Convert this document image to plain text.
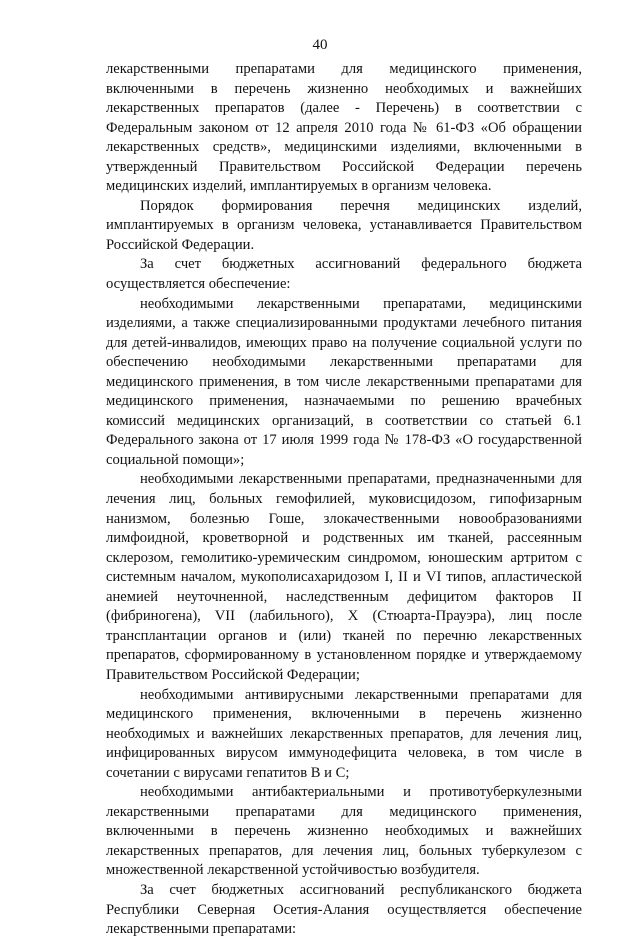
40

лекарственными препаратами для медицинского применения, включенными в перечень жизненно необходимых и важнейших лекарственных препаратов (далее - Перечень) в соответствии с Федеральным законом от 12 апреля 2010 года № 61-ФЗ «Об обращении лекарственных средств», медицинскими изделиями, включенными в утвержденный Правительством Российской Федерации перечень медицинских изделий, имплантируемых в организм человека.

Порядок формирования перечня медицинских изделий, имплантируемых в организм человека, устанавливается Правительством Российской Федерации.

За счет бюджетных ассигнований федерального бюджета осуществляется обеспечение:

необходимыми лекарственными препаратами, медицинскими изделиями, а также специализированными продуктами лечебного питания для детей-инвалидов, имеющих право на получение социальной услуги по обеспечению необходимыми лекарственными препаратами для медицинского применения, в том числе лекарственными препаратами для медицинского применения, назначаемыми по решению врачебных комиссий медицинских организаций, в соответствии со статьей 6.1 Федерального закона от 17 июля 1999 года № 178-ФЗ «О государственной социальной помощи»;

необходимыми лекарственными препаратами, предназначенными для лечения лиц, больных гемофилией, муковисцидозом, гипофизарным нанизмом, болезнью Гоше, злокачественными новообразованиями лимфоидной, кроветворной и родственных им тканей, рассеянным склерозом, гемолитико-уремическим синдромом, юношеским артритом с системным началом, мукополисахаридозом I, II и VI типов, апластической анемией неуточненной, наследственным дефицитом факторов II (фибриногена), VII (лабильного), X (Стюарта-Прауэра), лиц после трансплантации органов и (или) тканей по перечню лекарственных препаратов, сформированному в установленном порядке и утверждаемому Правительством Российской Федерации;

необходимыми антивирусными лекарственными препаратами для медицинского применения, включенными в перечень жизненно необходимых и важнейших лекарственных препаратов, для лечения лиц, инфицированных вирусом иммунодефицита человека, в том числе в сочетании с вирусами гепатитов B и C;

необходимыми антибактериальными и противотуберкулезными лекарственными препаратами для медицинского применения, включенными в перечень жизненно необходимых и важнейших лекарственных препаратов, для лечения лиц, больных туберкулезом с множественной лекарственной устойчивостью возбудителя.

За счет бюджетных ассигнований республиканского бюджета Республики Северная Осетия-Алания осуществляется обеспечение лекарственными препаратами:
